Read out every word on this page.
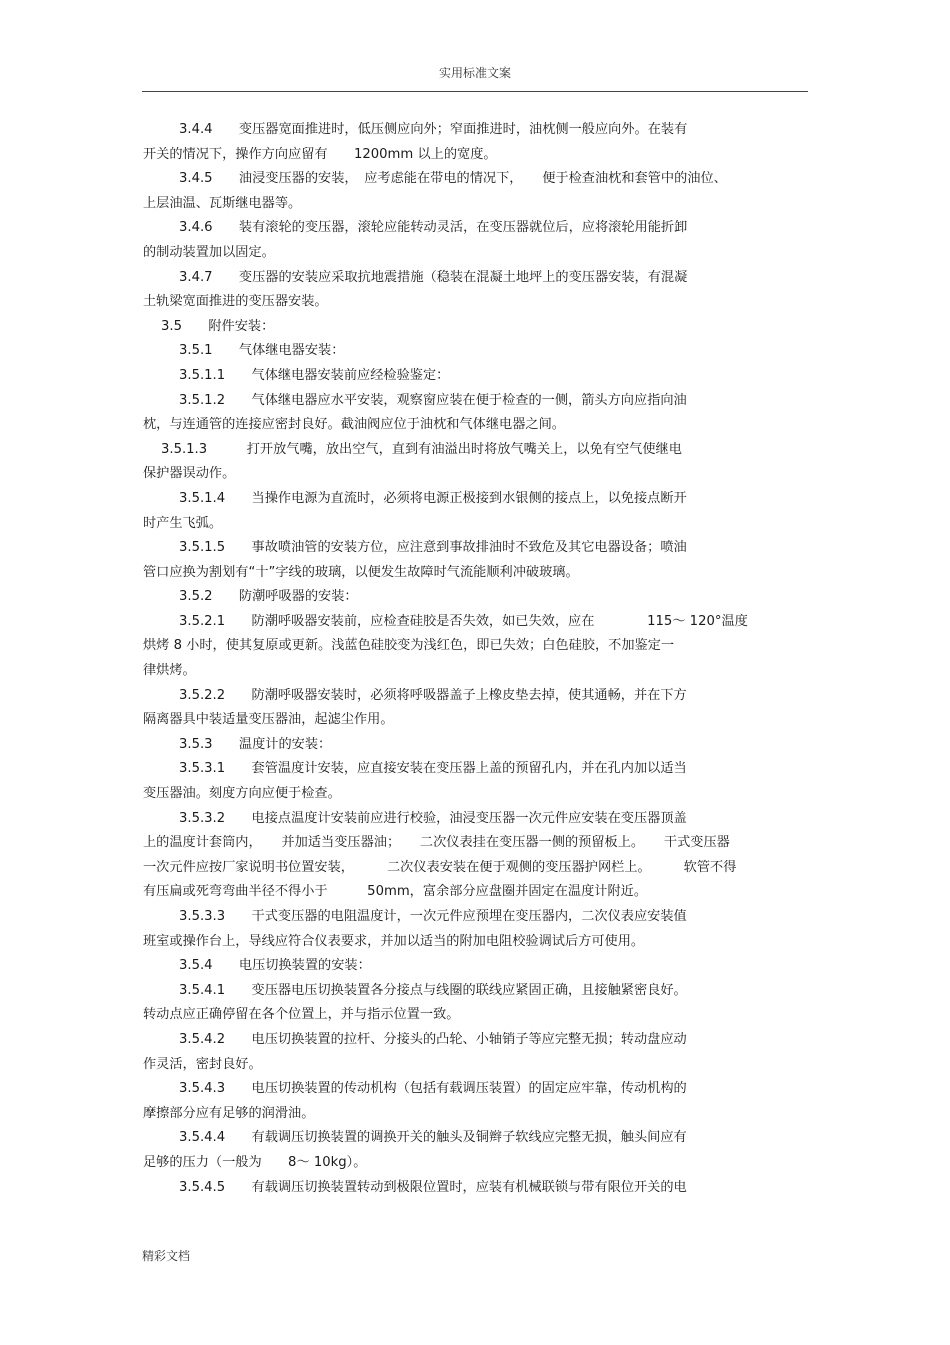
实用标准文案
3.4.4　　变压器宽面推进时，低压侧应向外；窄面推进时，油枕侧一般应向外。在装有
开关的情况下，操作方向应留有　　1200mm 以上的宽度。
3.4.5　　油浸变压器的安装，　应考虑能在带电的情况下，　　便于检查油枕和套管中的油位、
上层油温、瓦斯继电器等。
3.4.6　　装有滚轮的变压器，滚轮应能转动灵活，在变压器就位后，应将滚轮用能折卸
的制动装置加以固定。
3.4.7　　变压器的安装应采取抗地震措施（稳装在混凝土地坪上的变压器安装，有混凝
土轨梁宽面推进的变压器安装。
3.5　　附件安装：
3.5.1　　气体继电器安装：
3.5.1.1　　气体继电器安装前应经检验鉴定：
3.5.1.2　　气体继电器应水平安装，观察窗应装在便于检查的一侧，箭头方向应指向油
枕，与连通管的连接应密封良好。截油阀应位于油枕和气体继电器之间。
3.5.1.3　　　打开放气嘴，放出空气，直到有油溢出时将放气嘴关上，以免有空气使继电
保护器误动作。
3.5.1.4　　当操作电源为直流时，必须将电源正极接到水银侧的接点上，以免接点断开
时产生飞弧。
3.5.1.5　　事故喷油管的安装方位，应注意到事故排油时不致危及其它电器设备；喷油
管口应换为割划有“十”字线的玻璃，以便发生故障时气流能顺利冲破玻璃。
3.5.2　　防潮呼吸器的安装：
3.5.2.1　　防潮呼吸器安装前，应检查硅胶是否失效，如已失效，应在　　　　115～ 120°温度
烘烤 8 小时，使其复原或更新。浅蓝色硅胶变为浅红色，即已失效；白色硅胶，不加鉴定一
律烘烤。
3.5.2.2　　防潮呼吸器安装时，必须将呼吸器盖子上橡皮垫去掉，使其通畅，并在下方
隔离器具中装适量变压器油，起滤尘作用。
3.5.3　　温度计的安装：
3.5.3.1　　套管温度计安装，应直接安装在变压器上盖的预留孔内，并在孔内加以适当
变压器油。刻度方向应便于检查。
3.5.3.2　　电接点温度计安装前应进行校验，油浸变压器一次元件应安装在变压器顶盖
上的温度计套筒内，　　并加适当变压器油；　　二次仪表挂在变压器一侧的预留板上。　　干式变压器
一次元件应按厂家说明书位置安装，　　　二次仪表安装在便于观侧的变压器护网栏上。　　　软管不得
有压扁或死弯弯曲半径不得小于　　　50mm，富余部分应盘圈并固定在温度计附近。
3.5.3.3　　干式变压器的电阻温度计，一次元件应预埋在变压器内，二次仪表应安装值
班室或操作台上，导线应符合仪表要求，并加以适当的附加电阻校验调试后方可使用。
3.5.4　　电压切换装置的安装：
3.5.4.1　　变压器电压切换装置各分接点与线圈的联线应紧固正确，且接触紧密良好。
转动点应正确停留在各个位置上，并与指示位置一致。
3.5.4.2　　电压切换装置的拉杆、分接头的凸轮、小轴销子等应完整无损；转动盘应动
作灵活，密封良好。
3.5.4.3　　电压切换装置的传动机构（包括有载调压装置）的固定应牢靠，传动机构的
摩擦部分应有足够的润滑油。
3.5.4.4　　有载调压切换装置的调换开关的触头及铜辫子软线应完整无损，触头间应有
足够的压力（一般为　　8～ 10kg）。
3.5.4.5　　有载调压切换装置转动到极限位置时，应装有机械联锁与带有限位开关的电
精彩文档
